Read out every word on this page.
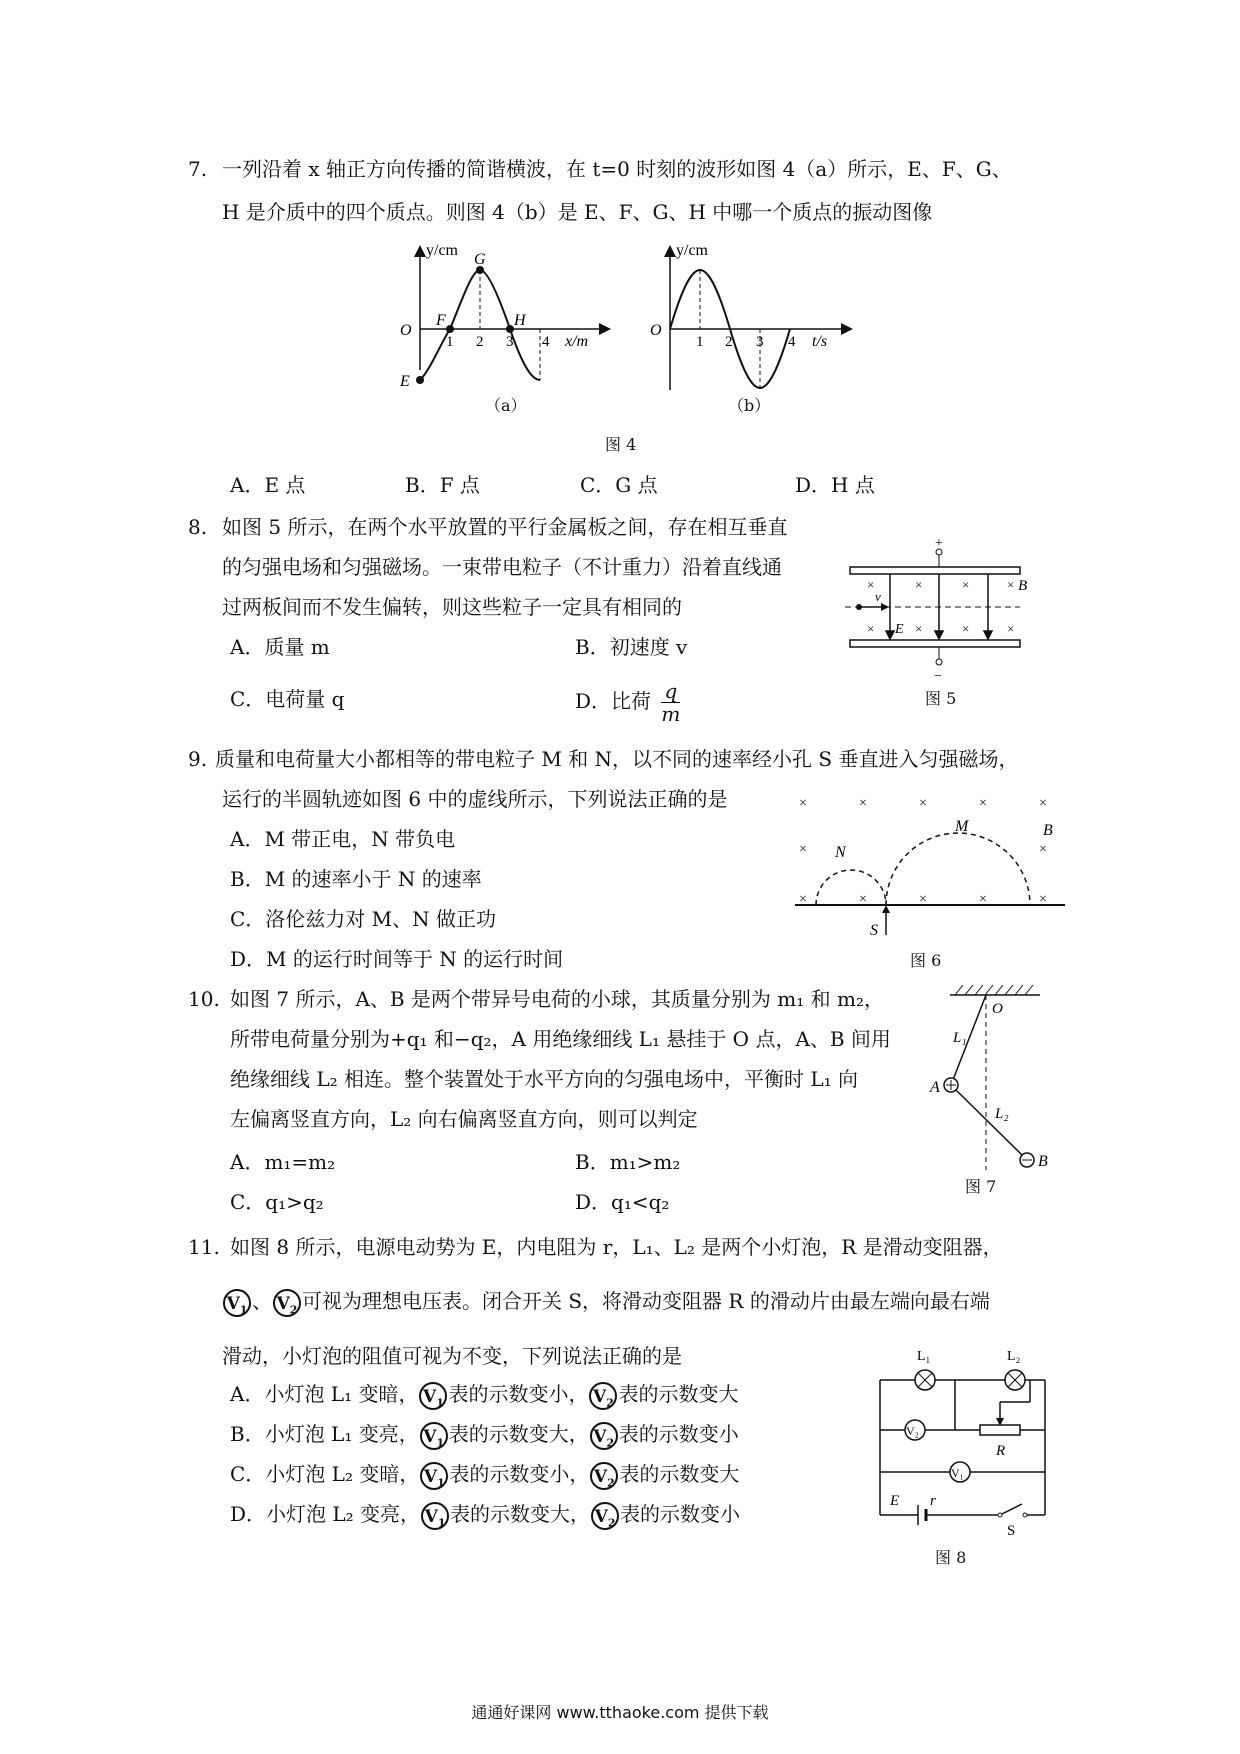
7. 一列沿着 x 轴正方向传播的简谐横波，在 t=0 时刻的波形如图 4（a）所示，E、F、G、
H 是介质中的四个质点。则图 4（b）是 E、F、G、H 中哪一个质点的振动图像
y/cm
O
1 2 3 4 x/m
E
F
G
H
（a）
y/cm
O
1 2 3 4 t/s
（b）
图 4
A．E 点	B．F 点	C．G 点	D．H 点
8. 如图 5 所示，在两个水平放置的平行金属板之间，存在相互垂直
的匀强电场和匀强磁场。一束带电粒子（不计重力）沿着直线通
过两板间而不发生偏转，则这些粒子一定具有相同的
A．质量 m	B．初速度 v
C．电荷量 q	D．比荷 $\frac{q}{m}$
+
−
×	×	×	×
×	×	×	×
B
v
E
图 5
9. 质量和电荷量大小都相等的带电粒子 M 和 N，以不同的速率经小孔 S 垂直进入匀强磁场，
运行的半圆轨迹如图 6 中的虚线所示，下列说法正确的是
A．M 带正电，N 带负电
B．M 的速率小于 N 的速率
C．洛伦兹力对 M、N 做正功
D．M 的运行时间等于 N 的运行时间
×	×	×	×	×
×	×
×	×	×	×	×
B
N
M
S
图 6
10. 如图 7 所示，A、B 是两个带异号电荷的小球，其质量分别为 m₁ 和 m₂，
所带电荷量分别为+q₁ 和−q₂，A 用绝缘细线 L₁ 悬挂于 O 点，A、B 间用
绝缘细线 L₂ 相连。整个装置处于水平方向的匀强电场中，平衡时 L₁ 向
左偏离竖直方向，L₂ 向右偏离竖直方向，则可以判定
A．m₁=m₂	B．m₁>m₂
C．q₁>q₂	D．q₁<q₂
O
L₁
A
L₂
B
图 7
11. 如图 8 所示，电源电动势为 E，内电阻为 r，L₁、L₂ 是两个小灯泡，R 是滑动变阻器，
$V_1$ 、 $V_2$ 可视为理想电压表。闭合开关 S，将滑动变阻器 R 的滑动片由最左端向最右端
滑动，小灯泡的阻值可视为不变，下列说法正确的是
A．小灯泡 L₁ 变暗， $V_1$ 表的示数变小， $V_2$ 表的示数变大
B．小灯泡 L₁ 变亮， $V_1$ 表的示数变大， $V_2$ 表的示数变小
C．小灯泡 L₂ 变暗， $V_1$ 表的示数变小， $V_2$ 表的示数变大
D．小灯泡 L₂ 变亮， $V_1$ 表的示数变大， $V_2$ 表的示数变小
V₂
V₁
L₁	L₂
R
E r
S
图 8
通通好课网 www.tthaoke.com 提供下载
